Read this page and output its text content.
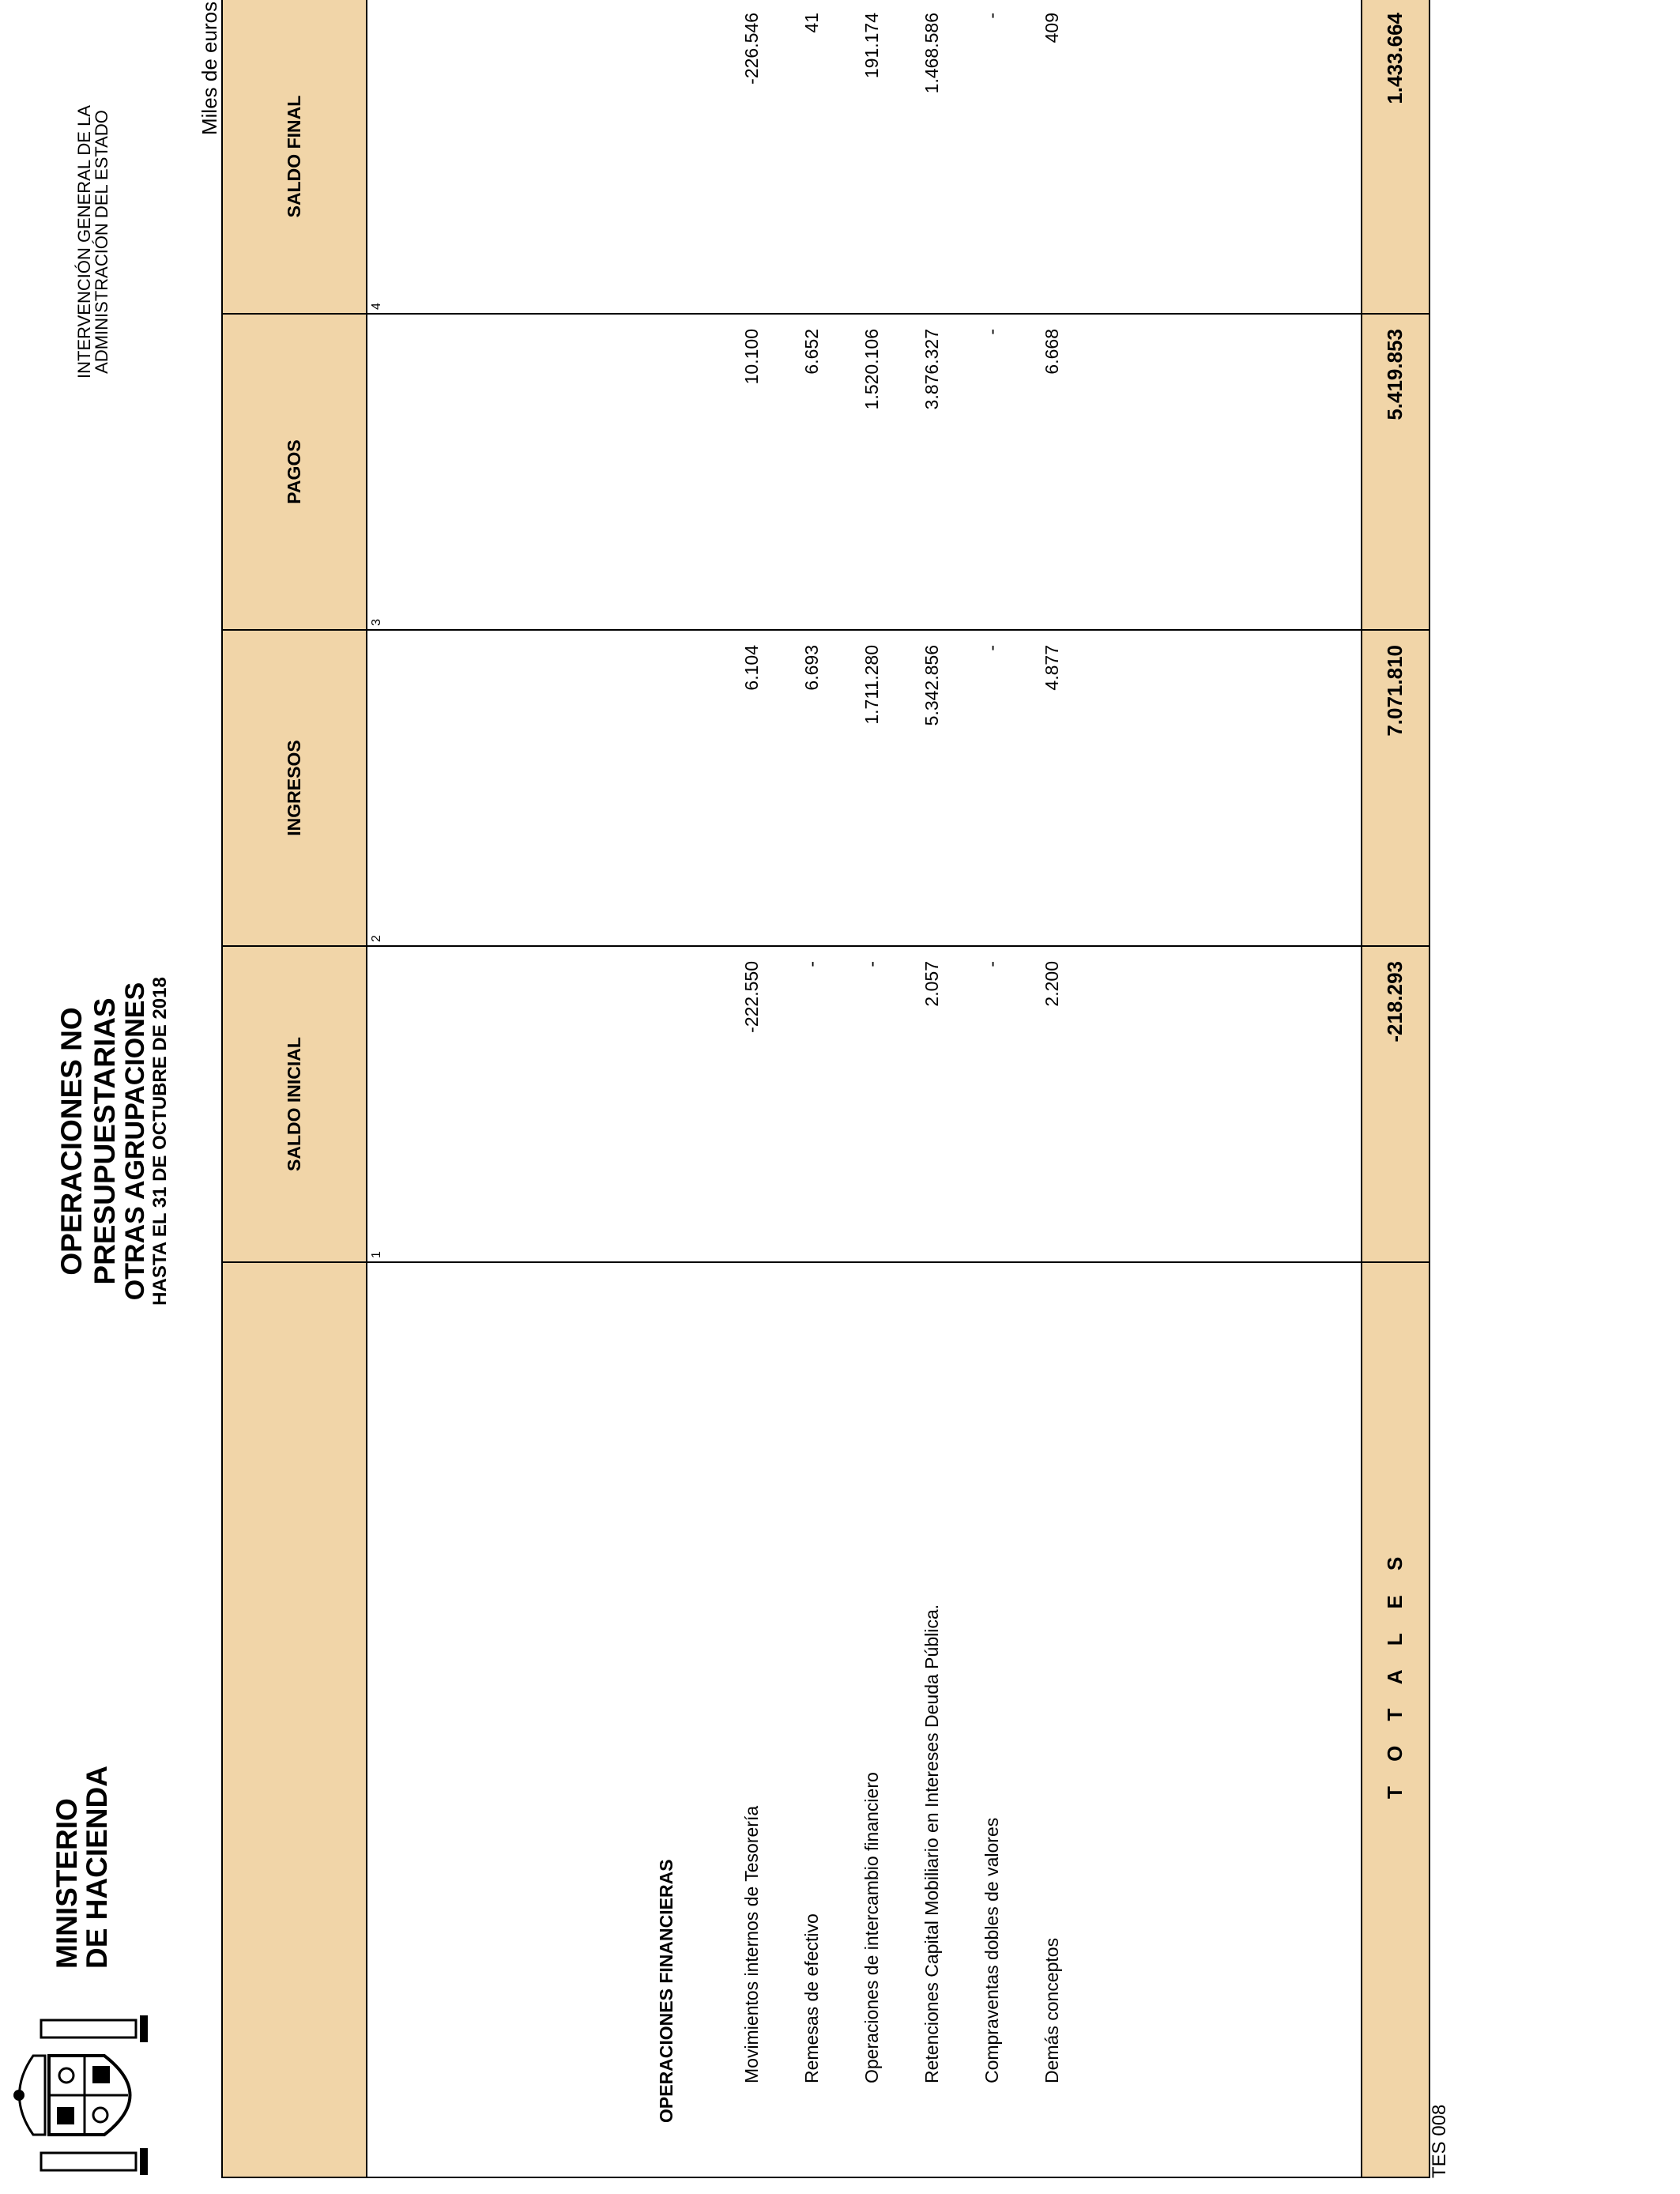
MINISTERIO
DE HACIENDA
OPERACIONES NO PRESUPUESTARIAS OTRAS AGRUPACIONES HASTA EL 31 DE OCTUBRE DE 2018
INTERVENCIÓN GENERAL DE LA
ADMINISTRACIÓN DEL ESTADO
Miles de euros
SALDO INICIAL
INGRESOS
PAGOS
SALDO FINAL
1
2
3
4
OPERACIONES FINANCIERAS	Movimientos internos de Tesorería
-222.550
6.104
10.100
-226.546
Remesas de efectivo
-
6.693
6.652
41
Operaciones de intercambio financiero
-
1.711.280
1.520.106
191.174
Retenciones Capital Mobiliario en Intereses Deuda Pública.
2.057
5.342.856
3.876.327
1.468.586
Compraventas dobles de valores
-
-
-
-
Demás conceptos
2.200
4.877
6.668
409
T O T A L E S
-218.293
7.071.810
5.419.853
1.433.664
TES 008
